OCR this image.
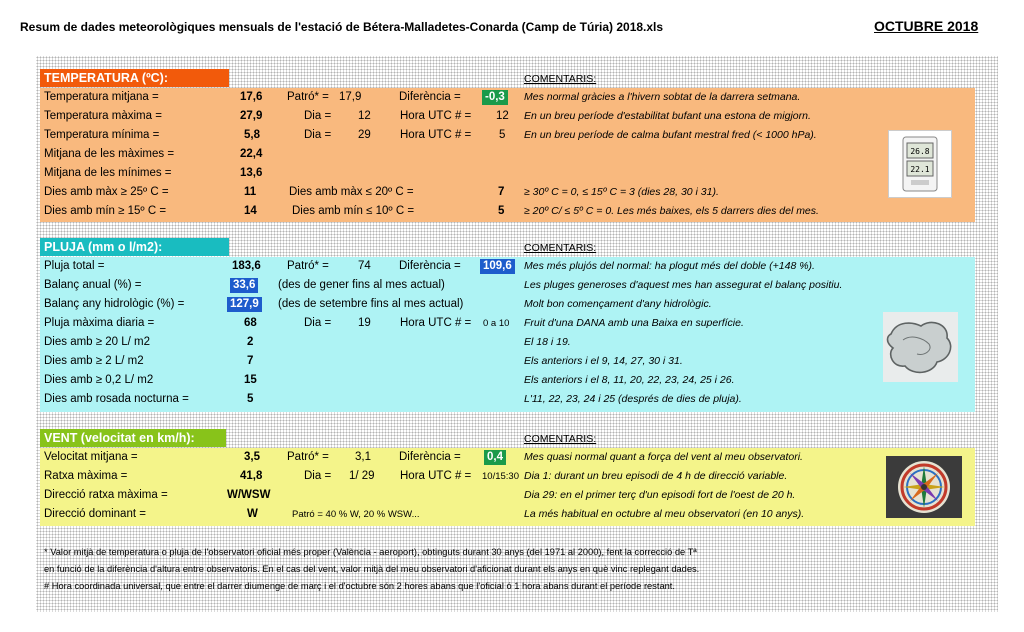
Resum de dades meteorològiques mensuals de l'estació de Bétera-Malladetes-Conarda (Camp de Túria) 2018.xls	OCTUBRE 2018
TEMPERATURA (ºC):	COMENTARIS:
Temperatura mitjana =	17,6 Patró* = 17,9	Diferència = -0,3 Mes normal gràcies a l'hivern sobtat de la darrera setmana.
Temperatura màxima =	27,9	Dia = 12	Hora UTC # = 12 En un breu període d'estabilitat bufant una estona de migjorn.
Temperatura mínima =	5,8	Dia = 29	Hora UTC # = 5 En un breu període de calma bufant mestral fred (< 1000 hPa).
Mitjana de les màximes =	22,4
Mitjana de les mínimes =	13,6
Dies amb màx ≥ 25º C =	11	Dies amb màx ≤ 20º C =	7 ≥ 30º C = 0, ≤ 15º C = 3 (dies 28, 30 i 31).
Dies amb mín ≥ 15º C =	14	Dies amb mín ≤ 10º C =	5 ≥ 20º C/ ≤ 5º C = 0. Les més baixes, els 5 darrers dies del mes.
26.8
22.1
PLUJA (mm o l/m2):	COMENTARIS:
Pluja total =	183,6 Patró* =	74 Diferència = 109,6 Mes més plujós del normal: ha plogut més del doble (+148 %).
Balanç anual (%) =	33,6 (des de gener fins al mes actual)	Les pluges generoses d'aquest mes han assegurat el balanç positiu.
Balanç any hidrològic (%) =	127,9 (des de setembre fins al mes actual)	Molt bon començament d'any hidrològic.
Pluja màxima diaria =	68	Dia = 19	Hora UTC # = 0 a 10 Fruit d'una DANA amb una Baixa en superfície.
Dies amb ≥ 20 L/ m2	2	El 18 i 19.
Dies amb ≥ 2 L/ m2	7	Els anteriors i el 9, 14, 27, 30 i 31.
Dies amb ≥ 0,2 L/ m2	15	Els anteriors i el 8, 11, 20, 22, 23, 24, 25 i 26.
Dies amb rosada nocturna =	5	L'11, 22, 23, 24 i 25 (després de dies de pluja).
VENT (velocitat en km/h):	COMENTARIS:
Velocitat mitjana =	3,5 Patró* = 3,1 Diferència = 0,4 Mes quasi normal quant a força del vent al meu observatori.
Ratxa màxima =	41,8	Dia = 1/ 29 Hora UTC # = 10/15:30 Dia 1: durant un breu episodi de 4 h de direcció variable.
Direcció ratxa màxima =	W/WSW	Dia 29: en el primer terç d'un episodi fort de l'oest de 20 h.
Direcció dominant =	W	Patró = 40 % W, 20 % WSW...	La més habitual en octubre al meu observatori (en 10 anys).
* Valor mitjà de temperatura o pluja de l'observatori oficial més proper (València - aeroport), obtinguts durant 30 anys (del 1971 al 2000), fent la correcció de Tª
en funció de la diferència d'altura entre observatoris. En el cas del vent, valor mitjà del meu observatori d'aficionat durant els anys en què vinc replegant dades.
# Hora coordinada universal, que entre el darrer diumenge de març i el d'octubre són 2 hores abans que l'oficial ó 1 hora abans durant el període restant.
